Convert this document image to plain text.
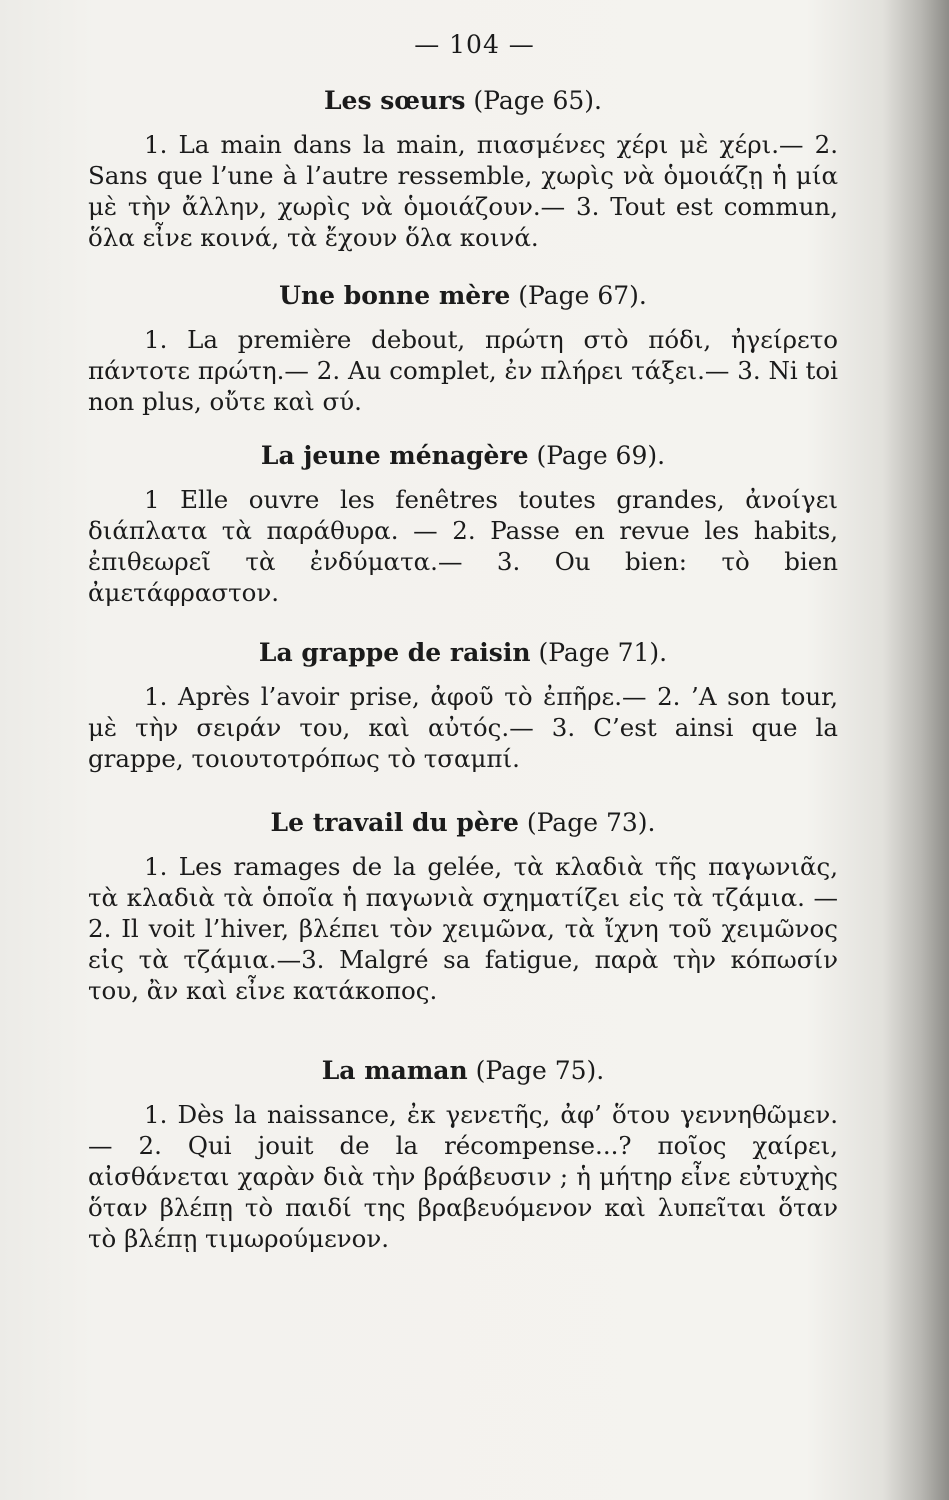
— 104 —
Les sœurs (Page 65).

1. La main dans la main, πιασμένες χέρι μὲ χέρι.— 2. Sans que l’une à l’autre ressemble, χωρὶς νὰ ὁμοιάζῃ ἡ μία μὲ τὴν ἄλλην, χωρὶς νὰ ὁμοιάζουν.— 3. Tout est commun, ὅλα εἶνε κοινά, τὰ ἔχουν ὅλα κοινά.

Une bonne mère (Page 67).

1. La première debout, πρώτη στὸ πόδι, ἠγείρετο πάντοτε πρώτη.— 2. Au complet, ἐν πλήρει τάξει.— 3. Ni toi non plus, οὔτε καὶ σύ.

La jeune ménagère (Page 69).

1 Elle ouvre les fenêtres toutes grandes, ἀνοίγει διάπλατα τὰ παράθυρα. — 2. Passe en revue les habits, ἐπιθεωρεῖ τὰ ἐνδύματα.— 3. Ou bien: τὸ bien ἀμετάφραστον.

La grappe de raisin (Page 71).

1. Après l’avoir prise, ἀφοῦ τὸ ἐπῆρε.— 2. ’A son tour, μὲ τὴν σειράν του, καὶ αὐτός.— 3. C’est ainsi que la grappe, τοιουτοτρόπως τὸ τσαμπί.

Le travail du père (Page 73).

1. Les ramages de la gelée, τὰ κλαδιὰ τῆς παγωνιᾶς, τὰ κλαδιὰ τὰ ὁποῖα ἡ παγωνιὰ σχηματίζει εἰς τὰ τζάμια. — 2. Il voit l’hiver, βλέπει τὸν χειμῶνα, τὰ ἴχνη τοῦ χειμῶνος εἰς τὰ τζάμια.—3. Malgré sa fatigue, παρὰ τὴν κόπωσίν του, ἂν καὶ εἶνε κατάκοπος.

La maman (Page 75).

1. Dès la naissance, ἐκ γενετῆς, ἀφ’ ὅτου γεννηθῶμεν.— 2. Qui jouit de la récompense...? ποῖος χαίρει, αἰσθάνεται χαρὰν διὰ τὴν βράβευσιν ; ἡ μήτηρ εἶνε εὐτυχὴς ὅταν βλέπῃ τὸ παιδί της βραβευόμενον καὶ λυπεῖται ὅταν τὸ βλέπῃ τιμωρούμενον.
